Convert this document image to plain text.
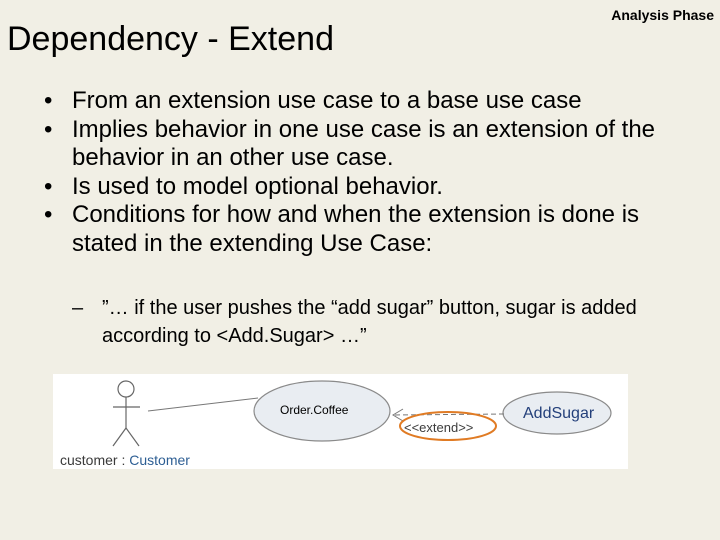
Dependency - Extend
Analysis Phase
• From an extension use case to a base use case
• Implies behavior in one use case is an extension of the behavior in an other use case.
• Is used to model optional behavior.
• Conditions for how and when the extension is done is stated in the extending Use Case:
– ”… if the user pushes the “add sugar” button, sugar is added according to <Add.Sugar> …”
Order.Coffee	AddSugar
<<extend>>
customer : Customer
